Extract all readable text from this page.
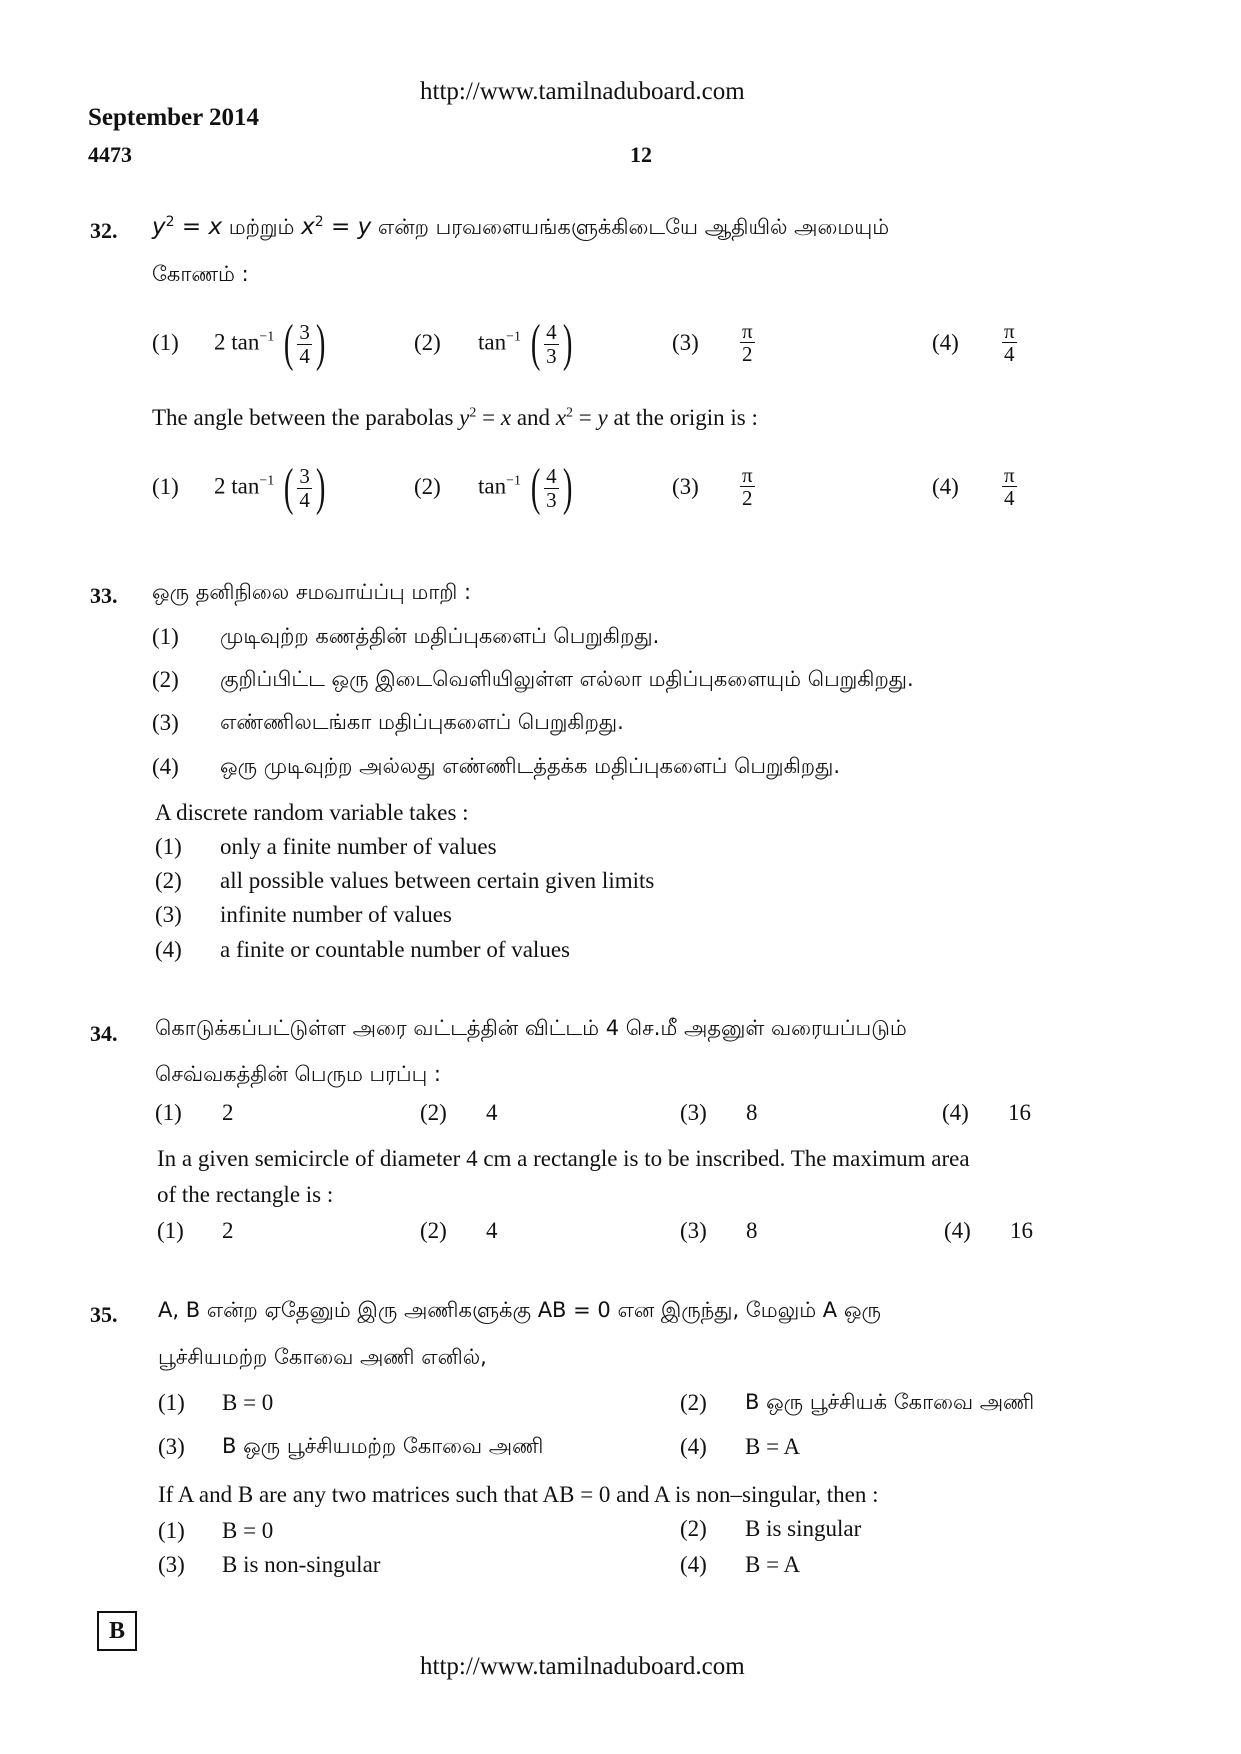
http://www.tamilnaduboard.com
September 2014
4473	12
32. $y^2 = x$ மற்றும் $x^2 = y$ என்ற பரவளையங்களுக்கிடையே ஆதியில் அமையும்
கோணம் :
(1) 2 $\tan^{-1}$ ( $\frac{3}{4}$ )	(2) $\tan^{-1}$ ( $\frac{4}{3}$ )	$(3) \frac{\pi}{2}$	$(4) \frac{\pi}{4}$
The angle between the parabolas $y^2 = x$ and $x^2 = y$ at the origin is :
(1) 2 $\tan^{-1}$ ( $\frac{3}{4}$ )	(2) $\tan^{-1}$ ( $\frac{4}{3}$ )	$(3) \frac{\pi}{2}$	$(4) \frac{\pi}{4}$
33. ஒரு தனிநிலை சமவாய்ப்பு மாறி :
(1) முடிவுற்ற கணத்தின் மதிப்புகளைப் பெறுகிறது.
(2) குறிப்பிட்ட ஒரு இடைவெளியிலுள்ள எல்லா மதிப்புகளையும் பெறுகிறது.
(3) எண்ணிலடங்கா மதிப்புகளைப் பெறுகிறது.
(4) ஒரு முடிவுற்ற அல்லது எண்ணிடத்தக்க மதிப்புகளைப் பெறுகிறது.
A discrete random variable takes :
(1) only a finite number of values
(2) all possible values between certain given limits
(3) infinite number of values
(4) a finite or countable number of values
34. கொடுக்கப்பட்டுள்ள அரை வட்டத்தின் விட்டம் 4 செ.மீ அதனுள் வரையப்படும்
செவ்வகத்தின் பெரும பரப்பு :
(1) 2	(2) 4	(3) 8	(4) 16
In a given semicircle of diameter 4 cm a rectangle is to be inscribed. The maximum area
of the rectangle is :
(1) 2	(2) 4	(3) 8	(4) 16
35. A, B என்ற ஏதேனும் இரு அணிகளுக்கு AB = 0 என இருந்து, மேலும் A ஒரு
பூச்சியமற்ற கோவை அணி எனில்,
(1) B = 0	(2) B ஒரு பூச்சியக் கோவை அணி
(3) B ஒரு பூச்சியமற்ற கோவை அணி	(4) B = A
If A and B are any two matrices such that AB = 0 and A is non–singular, then :
(1) B = 0	(2) B is singular
(3) B is non-singular	(4) B = A
B
http://www.tamilnaduboard.com
